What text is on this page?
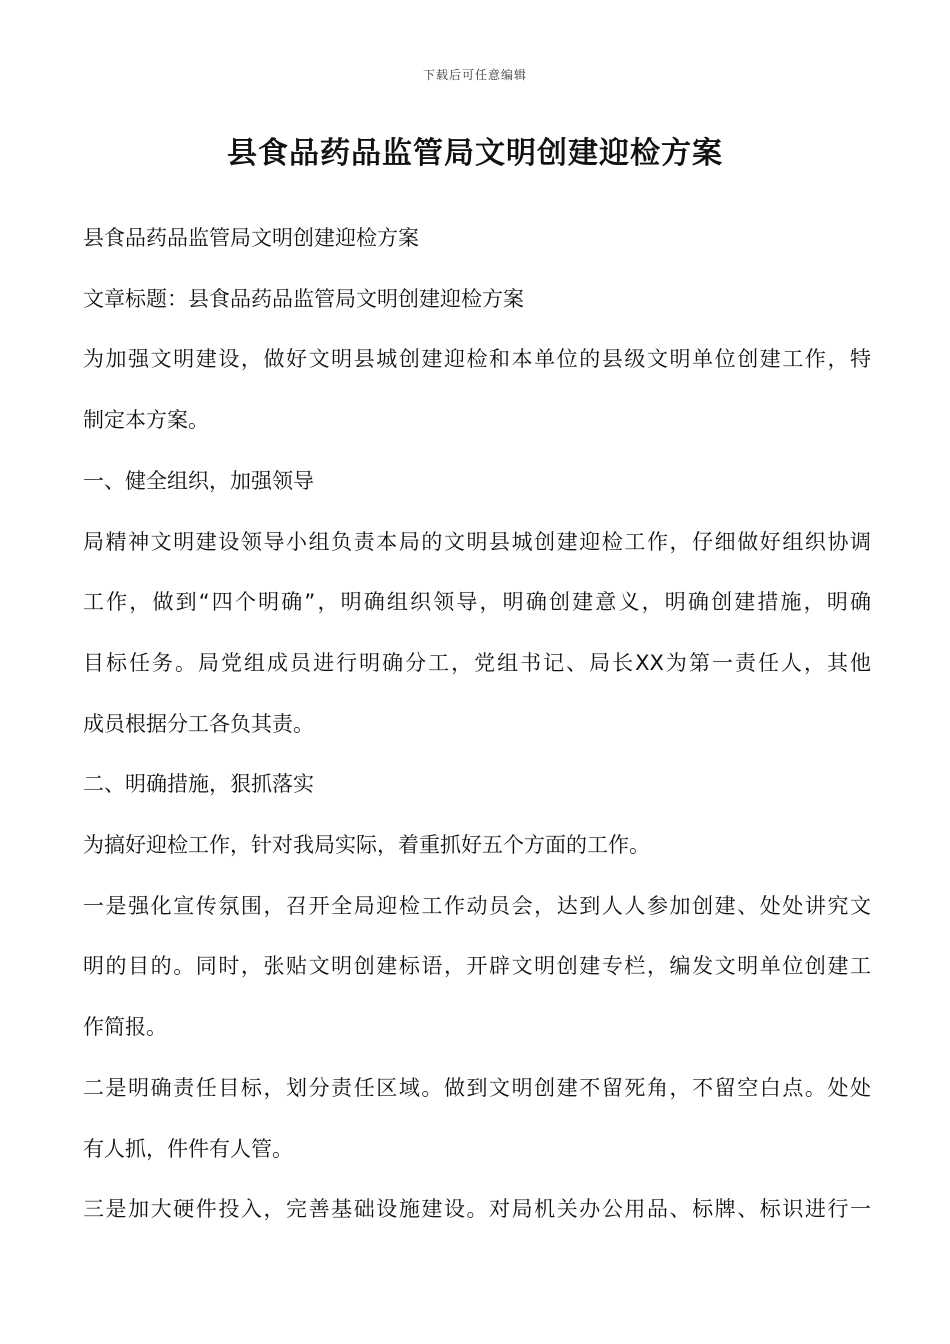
下载后可任意编辑
县食品药品监管局文明创建迎检方案

县食品药品监管局文明创建迎检方案

文章标题：县食品药品监管局文明创建迎检方案

为加强文明建设，做好文明县城创建迎检和本单位的县级文明单位创建工作，特

制定本方案。

一、健全组织，加强领导

局精神文明建设领导小组负责本局的文明县城创建迎检工作，仔细做好组织协调

工作，做到“四个明确”，明确组织领导，明确创建意义，明确创建措施，明确

目标任务。局党组成员进行明确分工，党组书记、局长XX为第一责任人，其他

成员根据分工各负其责。

二、明确措施，狠抓落实

为搞好迎检工作，针对我局实际，着重抓好五个方面的工作。

一是强化宣传氛围，召开全局迎检工作动员会，达到人人参加创建、处处讲究文

明的目的。同时，张贴文明创建标语，开辟文明创建专栏，编发文明单位创建工

作简报。

二是明确责任目标，划分责任区域。做到文明创建不留死角，不留空白点。处处

有人抓，件件有人管。

三是加大硬件投入，完善基础设施建设。对局机关办公用品、标牌、标识进行一
